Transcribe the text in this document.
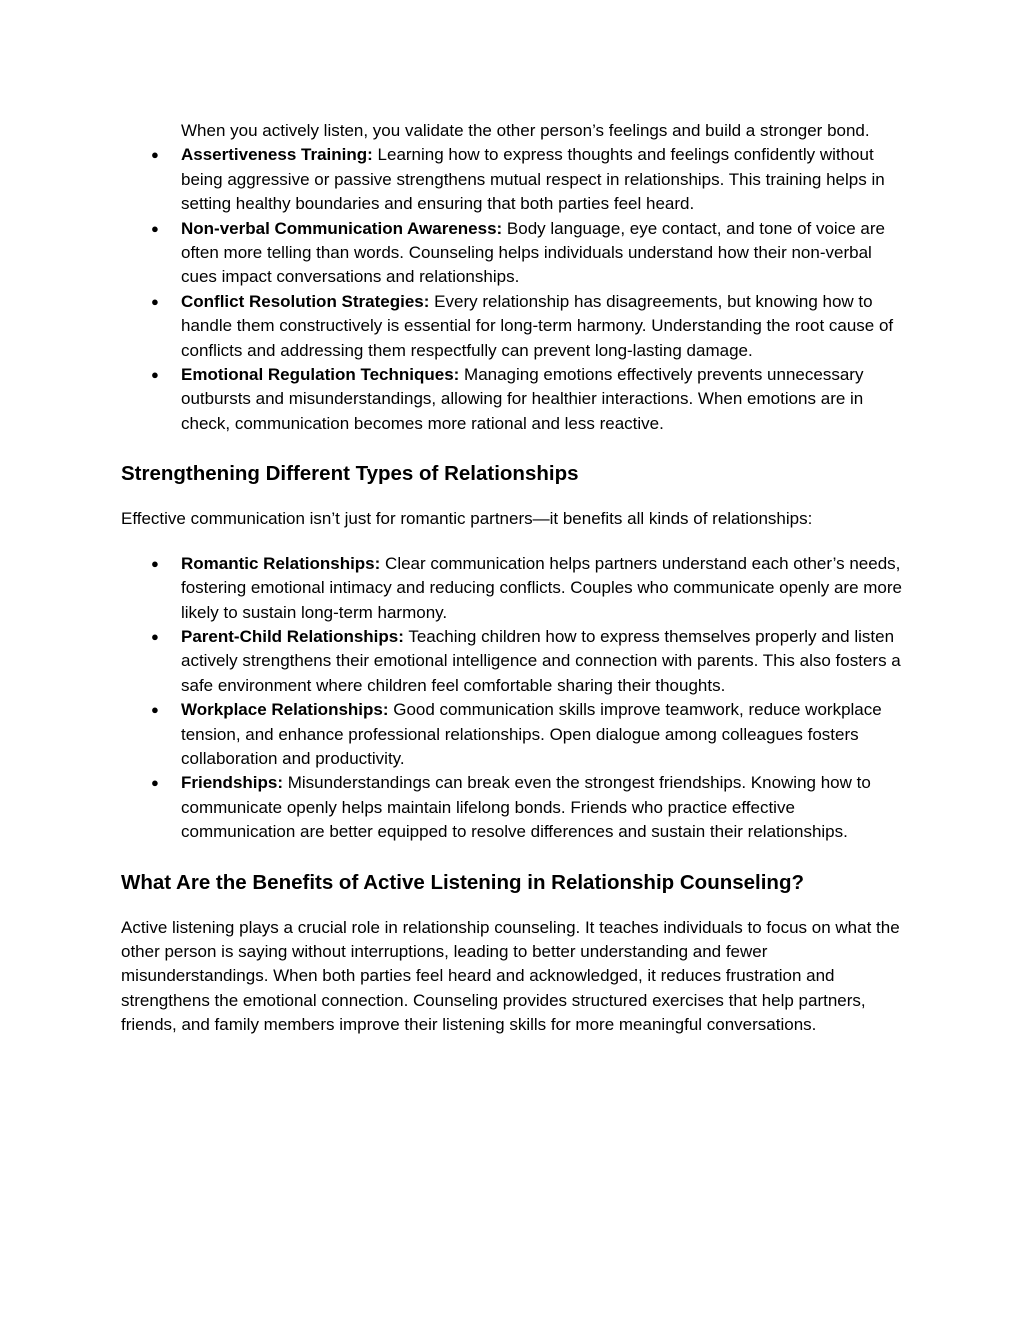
When you actively listen, you validate the other person’s feelings and build a stronger bond.

● Assertiveness Training: Learning how to express thoughts and feelings confidently without being aggressive or passive strengthens mutual respect in relationships. This training helps in setting healthy boundaries and ensuring that both parties feel heard.
● Non-verbal Communication Awareness: Body language, eye contact, and tone of voice are often more telling than words. Counseling helps individuals understand how their non-verbal cues impact conversations and relationships.
● Conflict Resolution Strategies: Every relationship has disagreements, but knowing how to handle them constructively is essential for long-term harmony. Understanding the root cause of conflicts and addressing them respectfully can prevent long-lasting damage.
● Emotional Regulation Techniques: Managing emotions effectively prevents unnecessary outbursts and misunderstandings, allowing for healthier interactions. When emotions are in check, communication becomes more rational and less reactive.
Strengthening Different Types of Relationships

Effective communication isn’t just for romantic partners—it benefits all kinds of relationships:

● Romantic Relationships: Clear communication helps partners understand each other’s needs, fostering emotional intimacy and reducing conflicts. Couples who communicate openly are more likely to sustain long-term harmony.
● Parent-Child Relationships: Teaching children how to express themselves properly and listen actively strengthens their emotional intelligence and connection with parents. This also fosters a safe environment where children feel comfortable sharing their thoughts.
● Workplace Relationships: Good communication skills improve teamwork, reduce workplace tension, and enhance professional relationships. Open dialogue among colleagues fosters collaboration and productivity.
● Friendships: Misunderstandings can break even the strongest friendships. Knowing how to communicate openly helps maintain lifelong bonds. Friends who practice effective communication are better equipped to resolve differences and sustain their relationships.
What Are the Benefits of Active Listening in Relationship Counseling?

Active listening plays a crucial role in relationship counseling. It teaches individuals to focus on what the other person is saying without interruptions, leading to better understanding and fewer misunderstandings. When both parties feel heard and acknowledged, it reduces frustration and strengthens the emotional connection. Counseling provides structured exercises that help partners, friends, and family members improve their listening skills for more meaningful conversations.
